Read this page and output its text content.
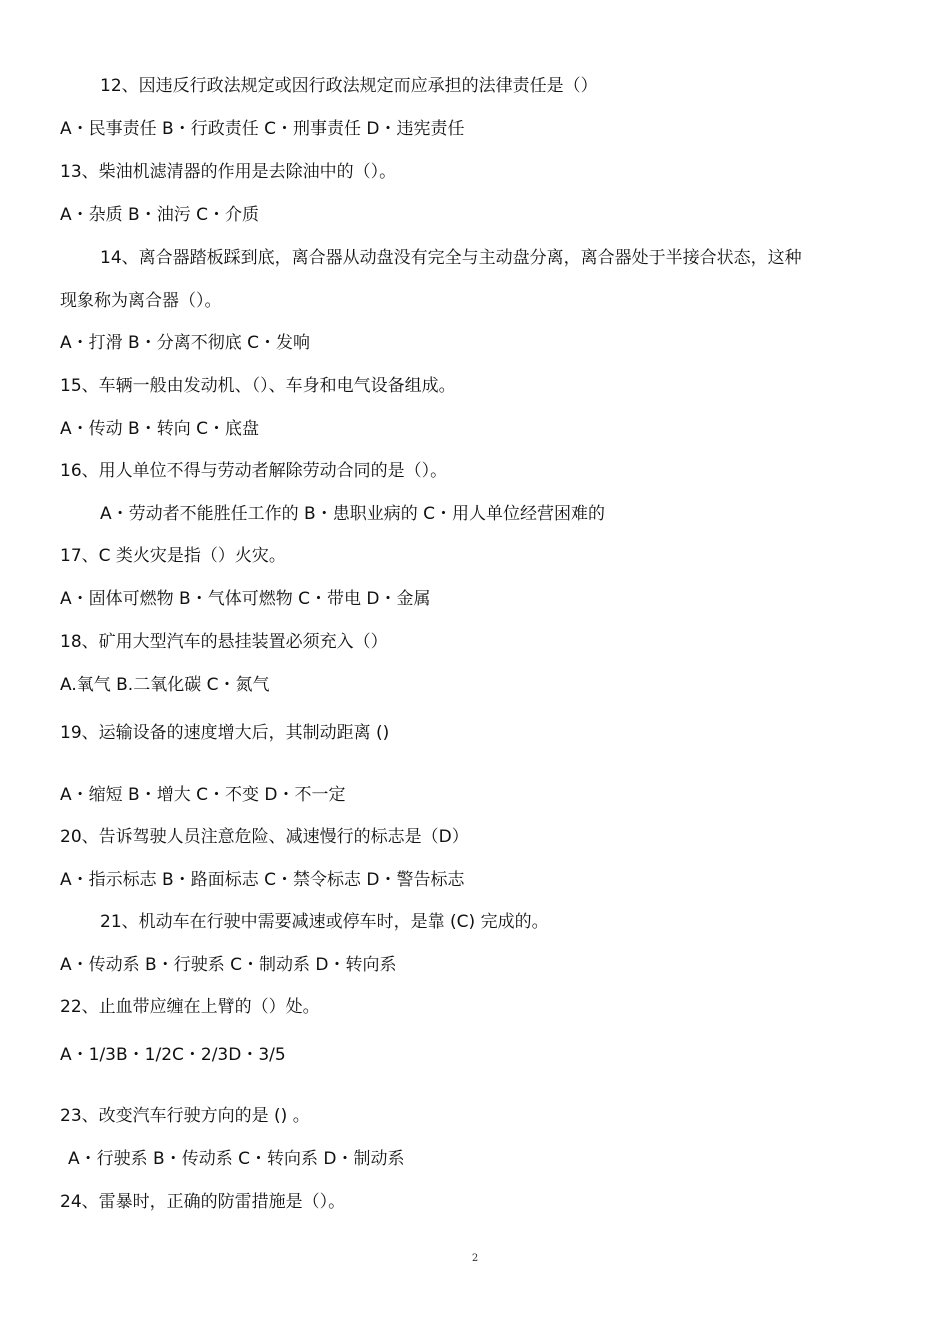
12、因违反行政法规定或因行政法规定而应承担的法律责任是（）
A・民事责任 B・行政责任 C・刑事责任 D・违宪责任
13、柴油机滤清器的作用是去除油中的（）。
A・杂质 B・油污 C・介质
14、离合器踏板踩到底，离合器从动盘没有完全与主动盘分离，离合器处于半接合状态，这种
现象称为离合器（）。
A・打滑 B・分离不彻底 C・发响
15、车辆一般由发动机、（）、车身和电气设备组成。
A・传动 B・转向 C・底盘
16、用人单位不得与劳动者解除劳动合同的是（）。
A・劳动者不能胜任工作的 B・患职业病的 C・用人单位经营困难的
17、C 类火灾是指（）火灾。
A・固体可燃物 B・气体可燃物 C・带电 D・金属
18、矿用大型汽车的悬挂装置必须充入（）
A.氧气 B.二氧化碳 C・氮气
19、运输设备的速度增大后，其制动距离 ()
A・缩短 B・增大 C・不变 D・不一定
20、告诉驾驶人员注意危险、减速慢行的标志是（D）
A・指示标志 B・路面标志 C・禁令标志 D・警告标志
21、机动车在行驶中需要减速或停车时，是靠 (C) 完成的。
A・传动系 B・行驶系 C・制动系 D・转向系
22、止血带应缠在上臂的（）处。
A・1/3B・1/2C・2/3D・3/5
23、改变汽车行驶方向的是 () 。
A・行驶系 B・传动系 C・转向系 D・制动系
24、雷暴时，正确的防雷措施是（）。
2
